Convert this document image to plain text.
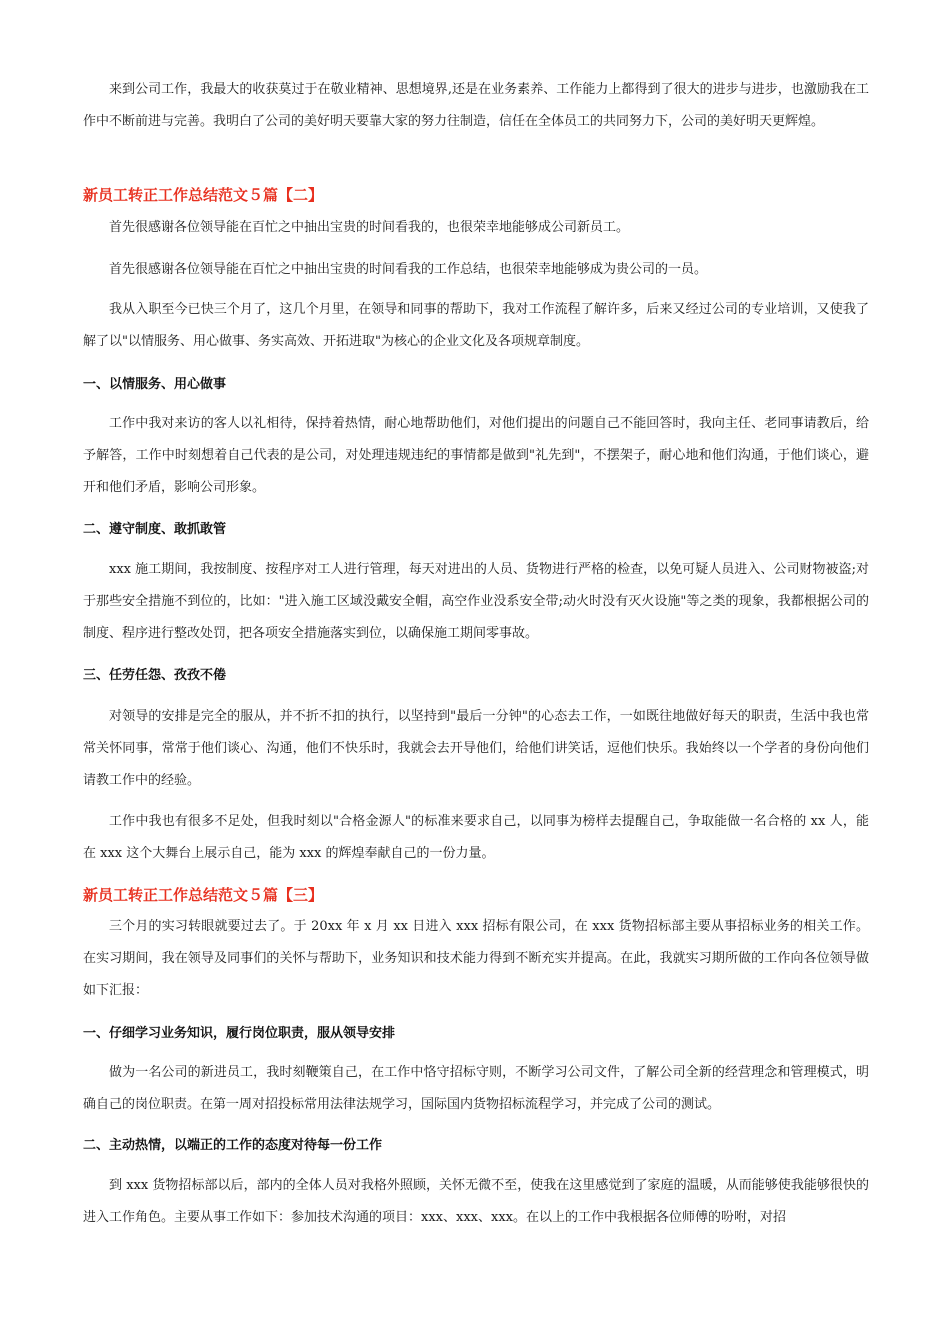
来到公司工作，我最大的收获莫过于在敬业精神、思想境界,还是在业务素养、工作能力上都得到了很大的进步与进步，也激励我在工作中不断前进与完善。我明白了公司的美好明天要靠大家的努力往制造，信任在全体员工的共同努力下，公司的美好明天更辉煌。

新员工转正工作总结范文５篇【二】

首先很感谢各位领导能在百忙之中抽出宝贵的时间看我的，也很荣幸地能够成公司新员工。

首先很感谢各位领导能在百忙之中抽出宝贵的时间看我的工作总结，也很荣幸地能够成为贵公司的一员。

我从入职至今已快三个月了，这几个月里，在领导和同事的帮助下，我对工作流程了解许多，后来又经过公司的专业培训，又使我了解了以"以情服务、用心做事、务实高效、开拓进取"为核心的企业文化及各项规章制度。

一、以情服务、用心做事

工作中我对来访的客人以礼相待，保持着热情，耐心地帮助他们，对他们提出的问题自己不能回答时，我向主任、老同事请教后，给予解答，工作中时刻想着自己代表的是公司，对处理违规违纪的事情都是做到"礼先到"，不摆架子，耐心地和他们沟通，于他们谈心，避开和他们矛盾，影响公司形象。

二、遵守制度、敢抓敢管

xxx 施工期间，我按制度、按程序对工人进行管理，每天对进出的人员、货物进行严格的检查，以免可疑人员进入、公司财物被盗;对于那些安全措施不到位的，比如："进入施工区域没戴安全帽，高空作业没系安全带;动火时没有灭火设施"等之类的现象，我都根据公司的制度、程序进行整改处罚，把各项安全措施落实到位，以确保施工期间零事故。

三、任劳任怨、孜孜不倦

对领导的安排是完全的服从，并不折不扣的执行，以坚持到"最后一分钟"的心态去工作，一如既往地做好每天的职责，生活中我也常常关怀同事，常常于他们谈心、沟通，他们不快乐时，我就会去开导他们，给他们讲笑话，逗他们快乐。我始终以一个学者的身份向他们请教工作中的经验。

工作中我也有很多不足处，但我时刻以"合格金源人"的标准来要求自己，以同事为榜样去提醒自己，争取能做一名合格的 xx 人，能在 xxx 这个大舞台上展示自己，能为 xxx 的辉煌奉献自己的一份力量。

新员工转正工作总结范文５篇【三】

三个月的实习转眼就要过去了。于 20xx 年 x 月 xx 日进入 xxx 招标有限公司，在 xxx 货物招标部主要从事招标业务的相关工作。在实习期间，我在领导及同事们的关怀与帮助下，业务知识和技术能力得到不断充实并提高。在此，我就实习期所做的工作向各位领导做如下汇报：

一、仔细学习业务知识，履行岗位职责，服从领导安排

做为一名公司的新进员工，我时刻鞭策自己，在工作中恪守招标守则，不断学习公司文件，了解公司全新的经营理念和管理模式，明确自己的岗位职责。在第一周对招投标常用法律法规学习，国际国内货物招标流程学习，并完成了公司的测试。

二、主动热情，以端正的工作的态度对待每一份工作

到 xxx 货物招标部以后，部内的全体人员对我格外照顾，关怀无微不至，使我在这里感觉到了家庭的温暖，从而能够使我能够很快的进入工作角色。主要从事工作如下：参加技术沟通的项目：xxx、xxx、xxx。在以上的工作中我根据各位师傅的吩咐，对招
